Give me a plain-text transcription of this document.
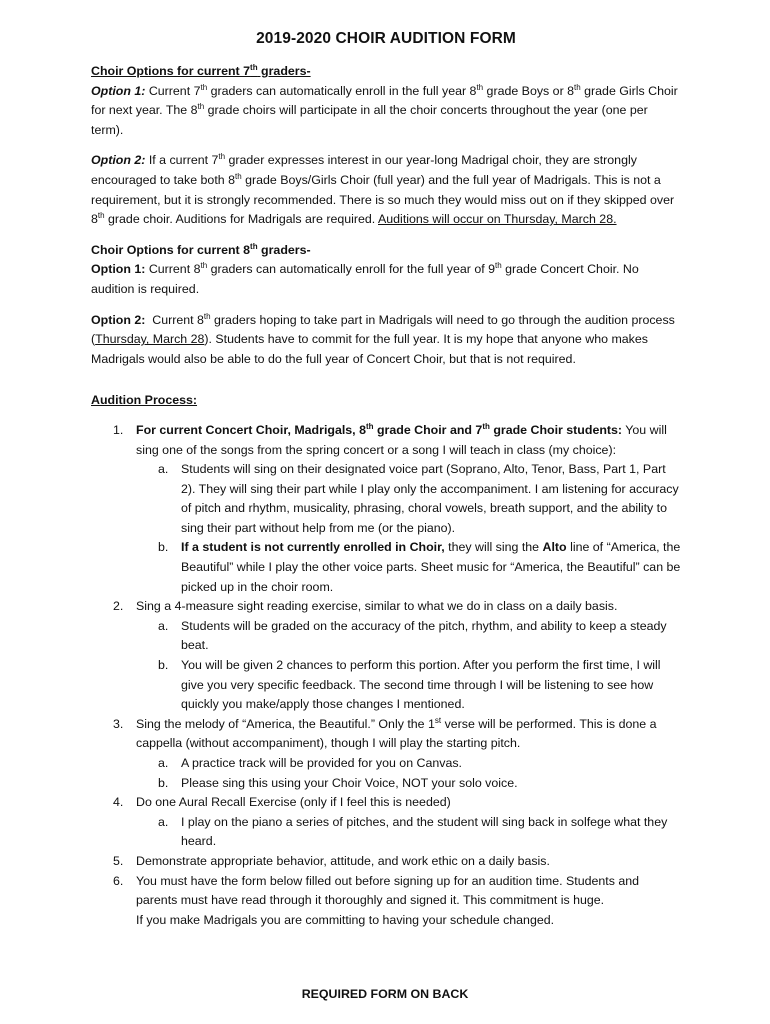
2019-2020 CHOIR AUDITION FORM

Choir Options for current 7th graders-

Option 1: Current 7th graders can automatically enroll in the full year 8th grade Boys or 8th grade Girls Choir for next year. The 8th grade choirs will participate in all the choir concerts throughout the year (one per term).

Option 2: If a current 7th grader expresses interest in our year-long Madrigal choir, they are strongly encouraged to take both 8th grade Boys/Girls Choir (full year) and the full year of Madrigals. This is not a requirement, but it is strongly recommended. There is so much they would miss out on if they skipped over 8th grade choir. Auditions for Madrigals are required. Auditions will occur on Thursday, March 28.

Choir Options for current 8th graders-

Option 1: Current 8th graders can automatically enroll for the full year of 9th grade Concert Choir. No audition is required.

Option 2:  Current 8th graders hoping to take part in Madrigals will need to go through the audition process (Thursday, March 28). Students have to commit for the full year. It is my hope that anyone who makes Madrigals would also be able to do the full year of Concert Choir, but that is not required.

Audition Process:

1. For current Concert Choir, Madrigals, 8th grade Choir and 7th grade Choir students: You will sing one of the songs from the spring concert or a song I will teach in class (my choice):
a. Students will sing on their designated voice part (Soprano, Alto, Tenor, Bass, Part 1, Part 2). They will sing their part while I play only the accompaniment. I am listening for accuracy of pitch and rhythm, musicality, phrasing, choral vowels, breath support, and the ability to sing their part without help from me (or the piano).
b. If a student is not currently enrolled in Choir, they will sing the Alto line of “America, the Beautiful” while I play the other voice parts. Sheet music for “America, the Beautiful” can be picked up in the choir room.
2. Sing a 4-measure sight reading exercise, similar to what we do in class on a daily basis.
a. Students will be graded on the accuracy of the pitch, rhythm, and ability to keep a steady beat.
b. You will be given 2 chances to perform this portion. After you perform the first time, I will give you very specific feedback. The second time through I will be listening to see how quickly you make/apply those changes I mentioned.
3. Sing the melody of “America, the Beautiful.” Only the 1st verse will be performed. This is done a cappella (without accompaniment), though I will play the starting pitch.
a. A practice track will be provided for you on Canvas.
b. Please sing this using your Choir Voice, NOT your solo voice.
4. Do one Aural Recall Exercise (only if I feel this is needed)
a. I play on the piano a series of pitches, and the student will sing back in solfege what they heard.
5. Demonstrate appropriate behavior, attitude, and work ethic on a daily basis.
6. You must have the form below filled out before signing up for an audition time. Students and parents must have read through it thoroughly and signed it. This commitment is huge.
If you make Madrigals you are committing to having your schedule changed.
REQUIRED FORM ON BACK
